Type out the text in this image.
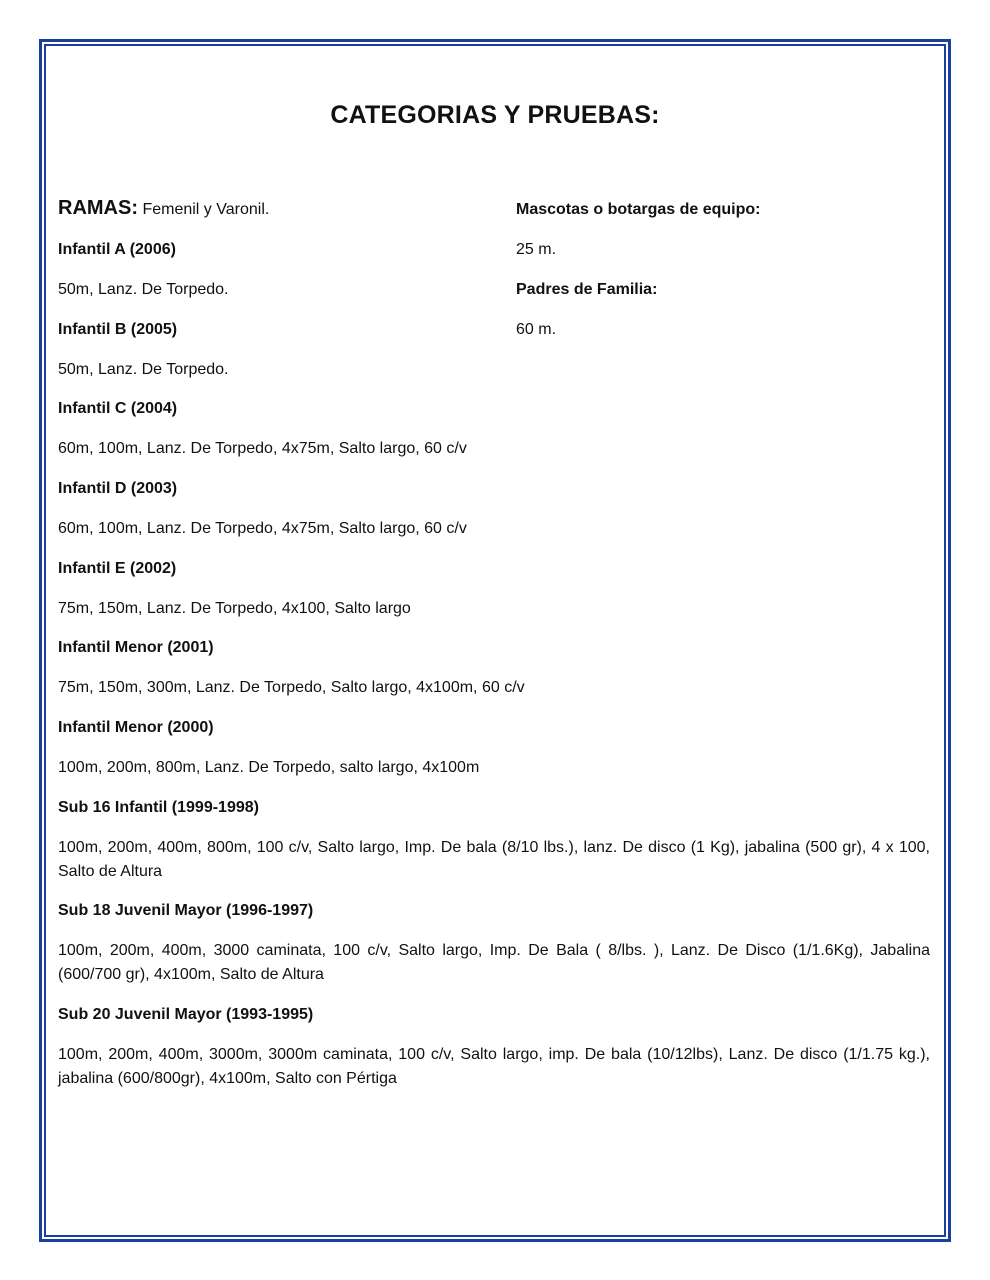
CATEGORIAS Y PRUEBAS:
RAMAS: Femenil y Varonil.	Mascotas o botargas de equipo:
25 m.
Padres de Familia:
60 m.
Infantil A (2006)
50m, Lanz. De Torpedo.
Infantil B (2005)
50m, Lanz. De Torpedo.
Infantil C (2004)
60m, 100m, Lanz. De Torpedo, 4x75m, Salto largo, 60 c/v
Infantil D (2003)
60m, 100m, Lanz. De Torpedo, 4x75m, Salto largo, 60 c/v
Infantil E (2002)
75m, 150m, Lanz. De Torpedo, 4x100, Salto largo
Infantil Menor (2001)
75m, 150m, 300m, Lanz. De Torpedo, Salto largo, 4x100m, 60 c/v
Infantil Menor (2000)
100m, 200m, 800m, Lanz. De Torpedo, salto largo, 4x100m
Sub 16 Infantil (1999-1998)
100m, 200m, 400m, 800m, 100 c/v, Salto largo, Imp. De bala (8/10 lbs.), lanz. De disco (1 Kg), jabalina (500 gr), 4 x 100, Salto de Altura
Sub 18 Juvenil Mayor (1996-1997)
100m, 200m, 400m, 3000 caminata, 100 c/v, Salto largo, Imp. De Bala ( 8/lbs. ), Lanz. De Disco (1/1.6Kg), Jabalina (600/700 gr), 4x100m, Salto de Altura
Sub 20 Juvenil Mayor (1993-1995)
100m, 200m, 400m, 3000m, 3000m caminata, 100 c/v, Salto largo, imp. De bala (10/12lbs), Lanz. De disco (1/1.75 kg.), jabalina (600/800gr), 4x100m, Salto con Pértiga
